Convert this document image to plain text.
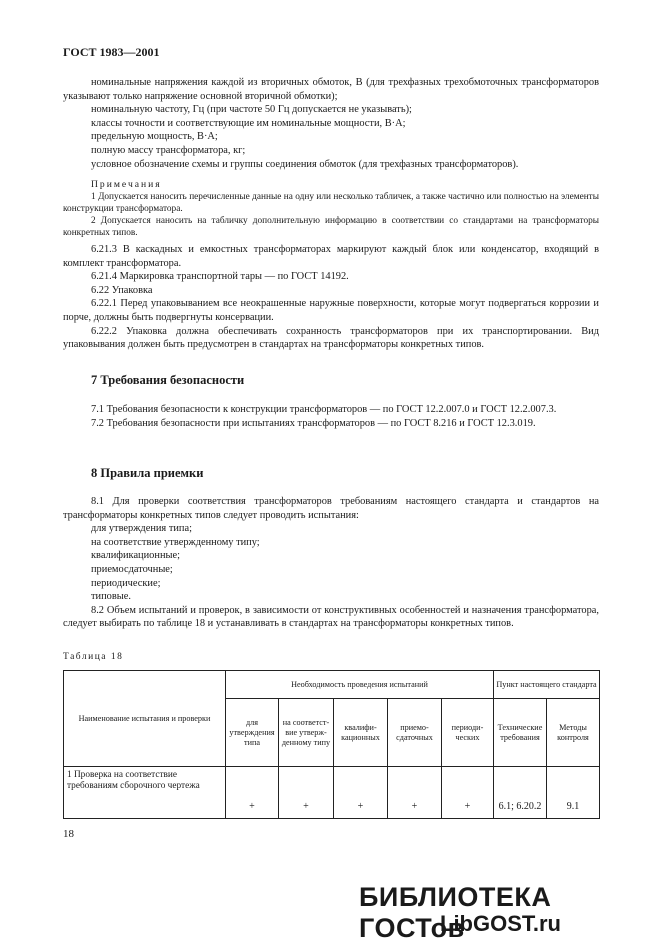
ГОСТ 1983—2001

номинальные напряжения каждой из вторичных обмоток, В (для трехфазных трехобмоточных трансформаторов указывают только напряжение основной вторичной обмотки);

номинальную частоту, Гц (при частоте 50 Гц допускается не указывать);

классы точности и соответствующие им номинальные мощности, В·А;

предельную мощность, В·А;

полную массу трансформатора, кг;

условное обозначение схемы и группы соединения обмоток (для трехфазных трансформаторов).

Примечания

1 Допускается наносить перечисленные данные на одну или несколько табличек, а также частично или полностью на элементы конструкции трансформатора.

2 Допускается наносить на табличку дополнительную информацию в соответствии со стандартами на трансформаторы конкретных типов.

6.21.3 В каскадных и емкостных трансформаторах маркируют каждый блок или конденсатор, входящий в комплект трансформатора.

6.21.4 Маркировка транспортной тары — по ГОСТ 14192.

6.22 Упаковка

6.22.1 Перед упаковыванием все неокрашенные наружные поверхности, которые могут подвергаться коррозии и порче, должны быть подвергнуты консервации.

6.22.2 Упаковка должна обеспечивать сохранность трансформаторов при их транспортировании. Вид упаковывания должен быть предусмотрен в стандартах на трансформаторы конкретных типов.

7 Требования безопасности

7.1 Требования безопасности к конструкции трансформаторов — по ГОСТ 12.2.007.0 и ГОСТ 12.2.007.3.

7.2 Требования безопасности при испытаниях трансформаторов — по ГОСТ 8.216 и ГОСТ 12.3.019.

8 Правила приемки

8.1 Для проверки соответствия трансформаторов требованиям настоящего стандарта и стандартов на трансформаторы конкретных типов следует проводить испытания:

для утверждения типа;

на соответствие утвержденному типу;

квалификационные;

приемосдаточные;

периодические;

типовые.

8.2 Объем испытаний и проверок, в зависимости от конструктивных особенностей и назначения трансформатора, следует выбирать по таблице 18 и устанавливать в стандартах на трансформаторы конкретных типов.

Таблица 18
Наименование испытания и проверки	Необходимость проведения испытаний					Пункт настоящего стандарта	
	для утверждения типа	на соответствие утвержденному типу	квалификационных	приемосдаточных	периодических	Технические требования	Методы контроля
1 Проверка на соответствие требованиям сборочного чертежа	+	+	+	+	+	6.1; 6.20.2	9.1
18
БИБЛИОТЕКА ГОСТов
LibGOST.ru
